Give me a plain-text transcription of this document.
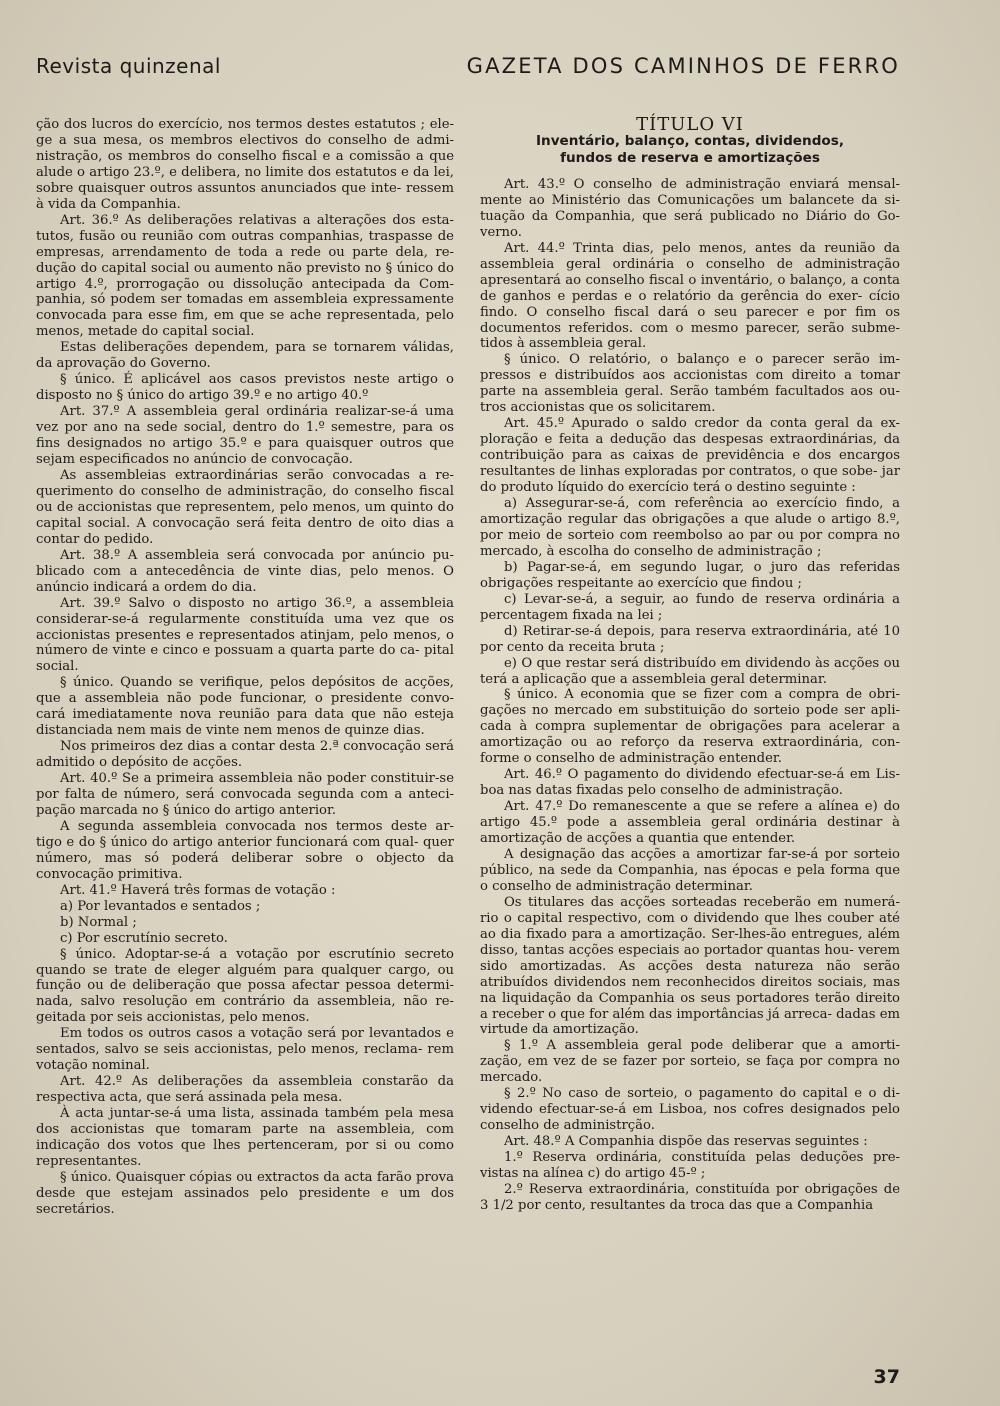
Revista quinzenal	GAZETA DOS CAMINHOS DE FERRO

ção dos lucros do exercício, nos termos destes estatutos ; ele- ge a sua mesa, os membros electivos do conselho de admi- nistração, os membros do conselho fiscal e a comissão a que alude o artigo 23.º, e delibera, no limite dos estatutos e da lei, sobre quaisquer outros assuntos anunciados que inte- ressem à vida da Companhia.

Art. 36.º As deliberações relativas a alterações dos esta- tutos, fusão ou reunião com outras companhias, traspasse de empresas, arrendamento de toda a rede ou parte dela, re- dução do capital social ou aumento não previsto no § único do artigo 4.º, prorrogação ou dissolução antecipada da Com- panhia, só podem ser tomadas em assembleia expressamente convocada para esse fim, em que se ache representada, pelo menos, metade do capital social.

Estas deliberações dependem, para se tornarem válidas, da aprovação do Governo.

§ único. É aplicável aos casos previstos neste artigo o disposto no § único do artigo 39.º e no artigo 40.º

Art. 37.º A assembleia geral ordinária realizar-se-á uma vez por ano na sede social, dentro do 1.º semestre, para os fins designados no artigo 35.º e para quaisquer outros que sejam especificados no anúncio de convocação.

As assembleias extraordinárias serão convocadas a re- querimento do conselho de administração, do conselho fiscal ou de accionistas que representem, pelo menos, um quinto do capital social. A convocação será feita dentro de oito dias a contar do pedido.

Art. 38.º A assembleia será convocada por anúncio pu- blicado com a antecedência de vinte dias, pelo menos. O anúncio indicará a ordem do dia.

Art. 39.º Salvo o disposto no artigo 36.º, a assembleia considerar-se-á regularmente constituída uma vez que os accionistas presentes e representados atinjam, pelo menos, o número de vinte e cinco e possuam a quarta parte do ca- pital social.

§ único. Quando se verifique, pelos depósitos de acções, que a assembleia não pode funcionar, o presidente convo- cará imediatamente nova reunião para data que não esteja distanciada nem mais de vinte nem menos de quinze dias.

Nos primeiros dez dias a contar desta 2.ª convocação será admitido o depósito de acções.

Art. 40.º Se a primeira assembleia não poder constituir-se por falta de número, será convocada segunda com a anteci- pação marcada no § único do artigo anterior.

A segunda assembleia convocada nos termos deste ar- tigo e do § único do artigo anterior funcionará com qual- quer número, mas só poderá deliberar sobre o objecto da convocação primitiva.

Art. 41.º Haverá três formas de votação :

a) Por levantados e sentados ;

b) Normal ;

c) Por escrutínio secreto.

§ único. Adoptar-se-á a votação por escrutínio secreto quando se trate de eleger alguém para qualquer cargo, ou função ou de deliberação que possa afectar pessoa determi- nada, salvo resolução em contrário da assembleia, não re- geitada por seis accionistas, pelo menos.

Em todos os outros casos a votação será por levantados e sentados, salvo se seis accionistas, pelo menos, reclama- rem votação nominal.

Art. 42.º As deliberações da assembleia constarão da respectiva acta, que será assinada pela mesa.

À acta juntar-se-á uma lista, assinada também pela mesa dos accionistas que tomaram parte na assembleia, com indicação dos votos que lhes pertenceram, por si ou como representantes.

§ único. Quaisquer cópias ou extractos da acta farão prova desde que estejam assinados pelo presidente e um dos secretários.

TÍTULO VI

Inventário, balanço, contas, dividendos,
fundos de reserva e amortizações

Art. 43.º O conselho de administração enviará mensal- mente ao Ministério das Comunicações um balancete da si- tuação da Companhia, que será publicado no Diário do Go- verno.

Art. 44.º Trinta dias, pelo menos, antes da reunião da assembleia geral ordinária o conselho de administração apresentará ao conselho fiscal o inventário, o balanço, a conta de ganhos e perdas e o relatório da gerência do exer- cício findo. O conselho fiscal dará o seu parecer e por fim os documentos referidos. com o mesmo parecer, serão subme- tidos à assembleia geral.

§ único. O relatório, o balanço e o parecer serão im- pressos e distribuídos aos accionistas com direito a tomar parte na assembleia geral. Serão também facultados aos ou- tros accionistas que os solicitarem.

Art. 45.º Apurado o saldo credor da conta geral da ex- ploração e feita a dedução das despesas extraordinárias, da contribuição para as caixas de previdência e dos encargos resultantes de linhas exploradas por contratos, o que sobe- jar do produto líquido do exercício terá o destino seguinte :

a) Assegurar-se-á, com referência ao exercício findo, a amortização regular das obrigações a que alude o artigo 8.º, por meio de sorteio com reembolso ao par ou por compra no mercado, à escolha do conselho de administração ;

b) Pagar-se-á, em segundo lugar, o juro das referidas obrigações respeitante ao exercício que findou ;

c) Levar-se-á, a seguir, ao fundo de reserva ordinária a percentagem fixada na lei ;

d) Retirar-se-á depois, para reserva extraordinária, até 10 por cento da receita bruta ;

e) O que restar será distribuído em dividendo às acções ou terá a aplicação que a assembleia geral determinar.

§ único. A economia que se fizer com a compra de obri- gações no mercado em substituição do sorteio pode ser apli- cada à compra suplementar de obrigações para acelerar a amortização ou ao reforço da reserva extraordinária, con- forme o conselho de administração entender.

Art. 46.º O pagamento do dividendo efectuar-se-á em Lis- boa nas datas fixadas pelo conselho de administração.

Art. 47.º Do remanescente a que se refere a alínea e) do artigo 45.º pode a assembleia geral ordinária destinar à amortização de acções a quantia que entender.

A designação das acções a amortizar far-se-á por sorteio público, na sede da Companhia, nas épocas e pela forma que o conselho de administração determinar.

Os titulares das acções sorteadas receberão em numerá- rio o capital respectivo, com o dividendo que lhes couber até ao dia fixado para a amortização. Ser-lhes-ão entregues, além disso, tantas acções especiais ao portador quantas hou- verem sido amortizadas. As acções desta natureza não serão atribuídos dividendos nem reconhecidos direitos sociais, mas na liquidação da Companhia os seus portadores terão direito a receber o que for além das importâncias já arreca- dadas em virtude da amortização.

§ 1.º A assembleia geral pode deliberar que a amorti- zação, em vez de se fazer por sorteio, se faça por compra no mercado.

§ 2.º No caso de sorteio, o pagamento do capital e o di- videndo efectuar-se-á em Lisboa, nos cofres designados pelo conselho de administrção.

Art. 48.º A Companhia dispõe das reservas seguintes :

1.º Reserva ordinária, constituída pelas deduções pre- vistas na alínea c) do artigo 45-º ;

2.º Reserva extraordinária, constituída por obrigações de 3 1/2 por cento, resultantes da troca das que a Companhia

37
